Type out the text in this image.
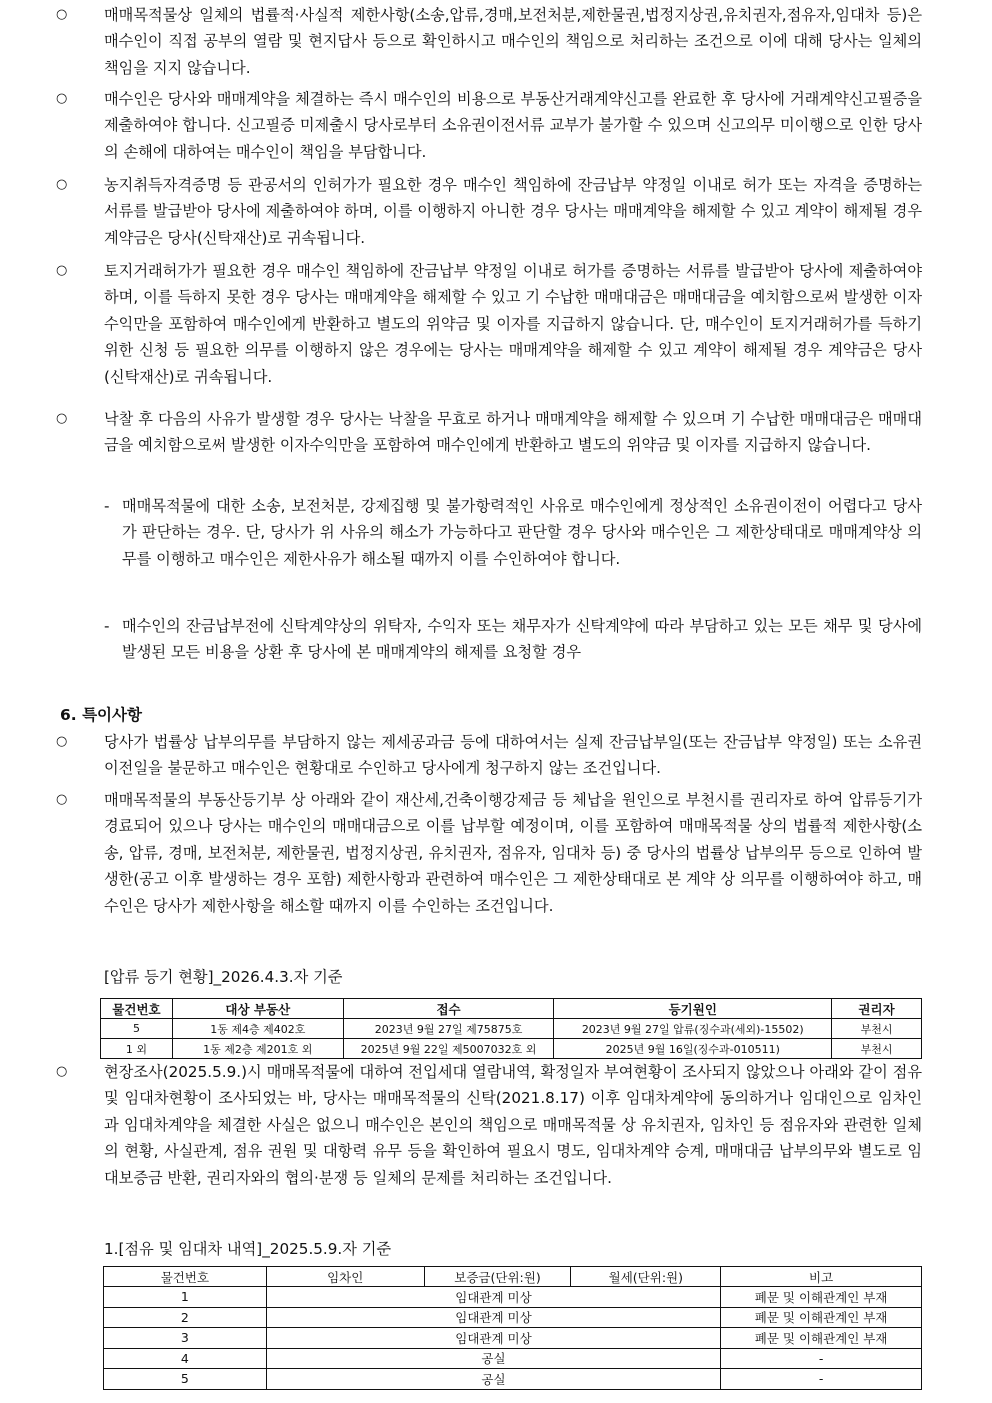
○	매매목적물상 일체의 법률적·사실적 제한사항(소송,압류,경매,보전처분,제한물권,법정지상권,유치권자,점유자,임대차 등)은 매수인이 직접 공부의 열람 및 현지답사 등으로 확인하시고 매수인의 책임으로 처리하는 조건으로 이에 대해 당사는 일체의 책임을 지지 않습니다.
○	매수인은 당사와 매매계약을 체결하는 즉시 매수인의 비용으로 부동산거래계약신고를 완료한 후 당사에 거래계약신고필증을 제출하여야 합니다. 신고필증 미제출시 당사로부터 소유권이전서류 교부가 불가할 수 있으며 신고의무 미이행으로 인한 당사의 손해에 대하여는 매수인이 책임을 부담합니다.
○	농지취득자격증명 등 관공서의 인허가가 필요한 경우 매수인 책임하에 잔금납부 약정일 이내로 허가 또는 자격을 증명하는 서류를 발급받아 당사에 제출하여야 하며, 이를 이행하지 아니한 경우 당사는 매매계약을 해제할 수 있고 계약이 해제될 경우 계약금은 당사(신탁재산)로 귀속됩니다.
○	토지거래허가가 필요한 경우 매수인 책임하에 잔금납부 약정일 이내로 허가를 증명하는 서류를 발급받아 당사에 제출하여야 하며, 이를 득하지 못한 경우 당사는 매매계약을 해제할 수 있고 기 수납한 매매대금은 매매대금을 예치함으로써 발생한 이자수익만을 포함하여 매수인에게 반환하고 별도의 위약금 및 이자를 지급하지 않습니다. 단, 매수인이 토지거래허가를 득하기 위한 신청 등 필요한 의무를 이행하지 않은 경우에는 당사는 매매계약을 해제할 수 있고 계약이 해제될 경우 계약금은 당사(신탁재산)로 귀속됩니다.
○	낙찰 후 다음의 사유가 발생할 경우 당사는 낙찰을 무효로 하거나 매매계약을 해제할 수 있으며 기 수납한 매매대금은 매매대금을 예치함으로써 발생한 이자수익만을 포함하여 매수인에게 반환하고 별도의 위약금 및 이자를 지급하지 않습니다.
- 매매목적물에 대한 소송, 보전처분, 강제집행 및 불가항력적인 사유로 매수인에게 정상적인 소유권이전이 어렵다고 당사가 판단하는 경우. 단, 당사가 위 사유의 해소가 가능하다고 판단할 경우 당사와 매수인은 그 제한상태대로 매매계약상 의무를 이행하고 매수인은 제한사유가 해소될 때까지 이를 수인하여야 합니다.
- 매수인의 잔금납부전에 신탁계약상의 위탁자, 수익자 또는 채무자가 신탁계약에 따라 부담하고 있는 모든 채무 및 당사에 발생된 모든 비용을 상환 후 당사에 본 매매계약의 해제를 요청할 경우
6. 특이사항
○	당사가 법률상 납부의무를 부담하지 않는 제세공과금 등에 대하여서는 실제 잔금납부일(또는 잔금납부 약정일) 또는 소유권이전일을 불문하고 매수인은 현황대로 수인하고 당사에게 청구하지 않는 조건입니다.
○	매매목적물의 부동산등기부 상 아래와 같이 재산세,건축이행강제금 등 체납을 원인으로 부천시를 권리자로 하여 압류등기가 경료되어 있으나 당사는 매수인의 매매대금으로 이를 납부할 예정이며, 이를 포함하여 매매목적물 상의 법률적 제한사항(소송, 압류, 경매, 보전처분, 제한물권, 법정지상권, 유치권자, 점유자, 임대차 등) 중 당사의 법률상 납부의무 등으로 인하여 발생한(공고 이후 발생하는 경우 포함) 제한사항과 관련하여 매수인은 그 제한상태대로 본 계약 상 의무를 이행하여야 하고, 매수인은 당사가 제한사항을 해소할 때까지 이를 수인하는 조건입니다.
[압류 등기 현황]_2026.4.3.자 기준
물건번호	대상 부동산	접수	등기원인	권리자
5	1동 제4층 제402호	2023년 9월 27일 제75875호	2023년 9월 27일 압류(징수과(세외)-15502)	부천시
1 외	1동 제2층 제201호 외	2025년 9월 22일 제5007032호 외	2025년 9월 16일(징수과-010511)	부천시
○	현장조사(2025.5.9.)시 매매목적물에 대하여 전입세대 열람내역, 확정일자 부여현황이 조사되지 않았으나 아래와 같이 점유 및 임대차현황이 조사되었는 바, 당사는 매매목적물의 신탁(2021.8.17) 이후 임대차계약에 동의하거나 임대인으로 임차인과 임대차계약을 체결한 사실은 없으니 매수인은 본인의 책임으로 매매목적물 상 유치권자, 임차인 등 점유자와 관련한 일체의 현황, 사실관계, 점유 권원 및 대항력 유무 등을 확인하여 필요시 명도, 임대차계약 승계, 매매대금 납부의무와 별도로 임대보증금 반환, 권리자와의 협의·분쟁 등 일체의 문제를 처리하는 조건입니다.
1.[점유 및 임대차 내역]_2025.5.9.자 기준
물건번호	임차인	보증금(단위:원)	월세(단위:원)	비고
1	임대관계 미상			폐문 및 이해관계인 부재
2	임대관계 미상			폐문 및 이해관계인 부재
3	임대관계 미상			폐문 및 이해관계인 부재
4	공실			-
5	공실			-
